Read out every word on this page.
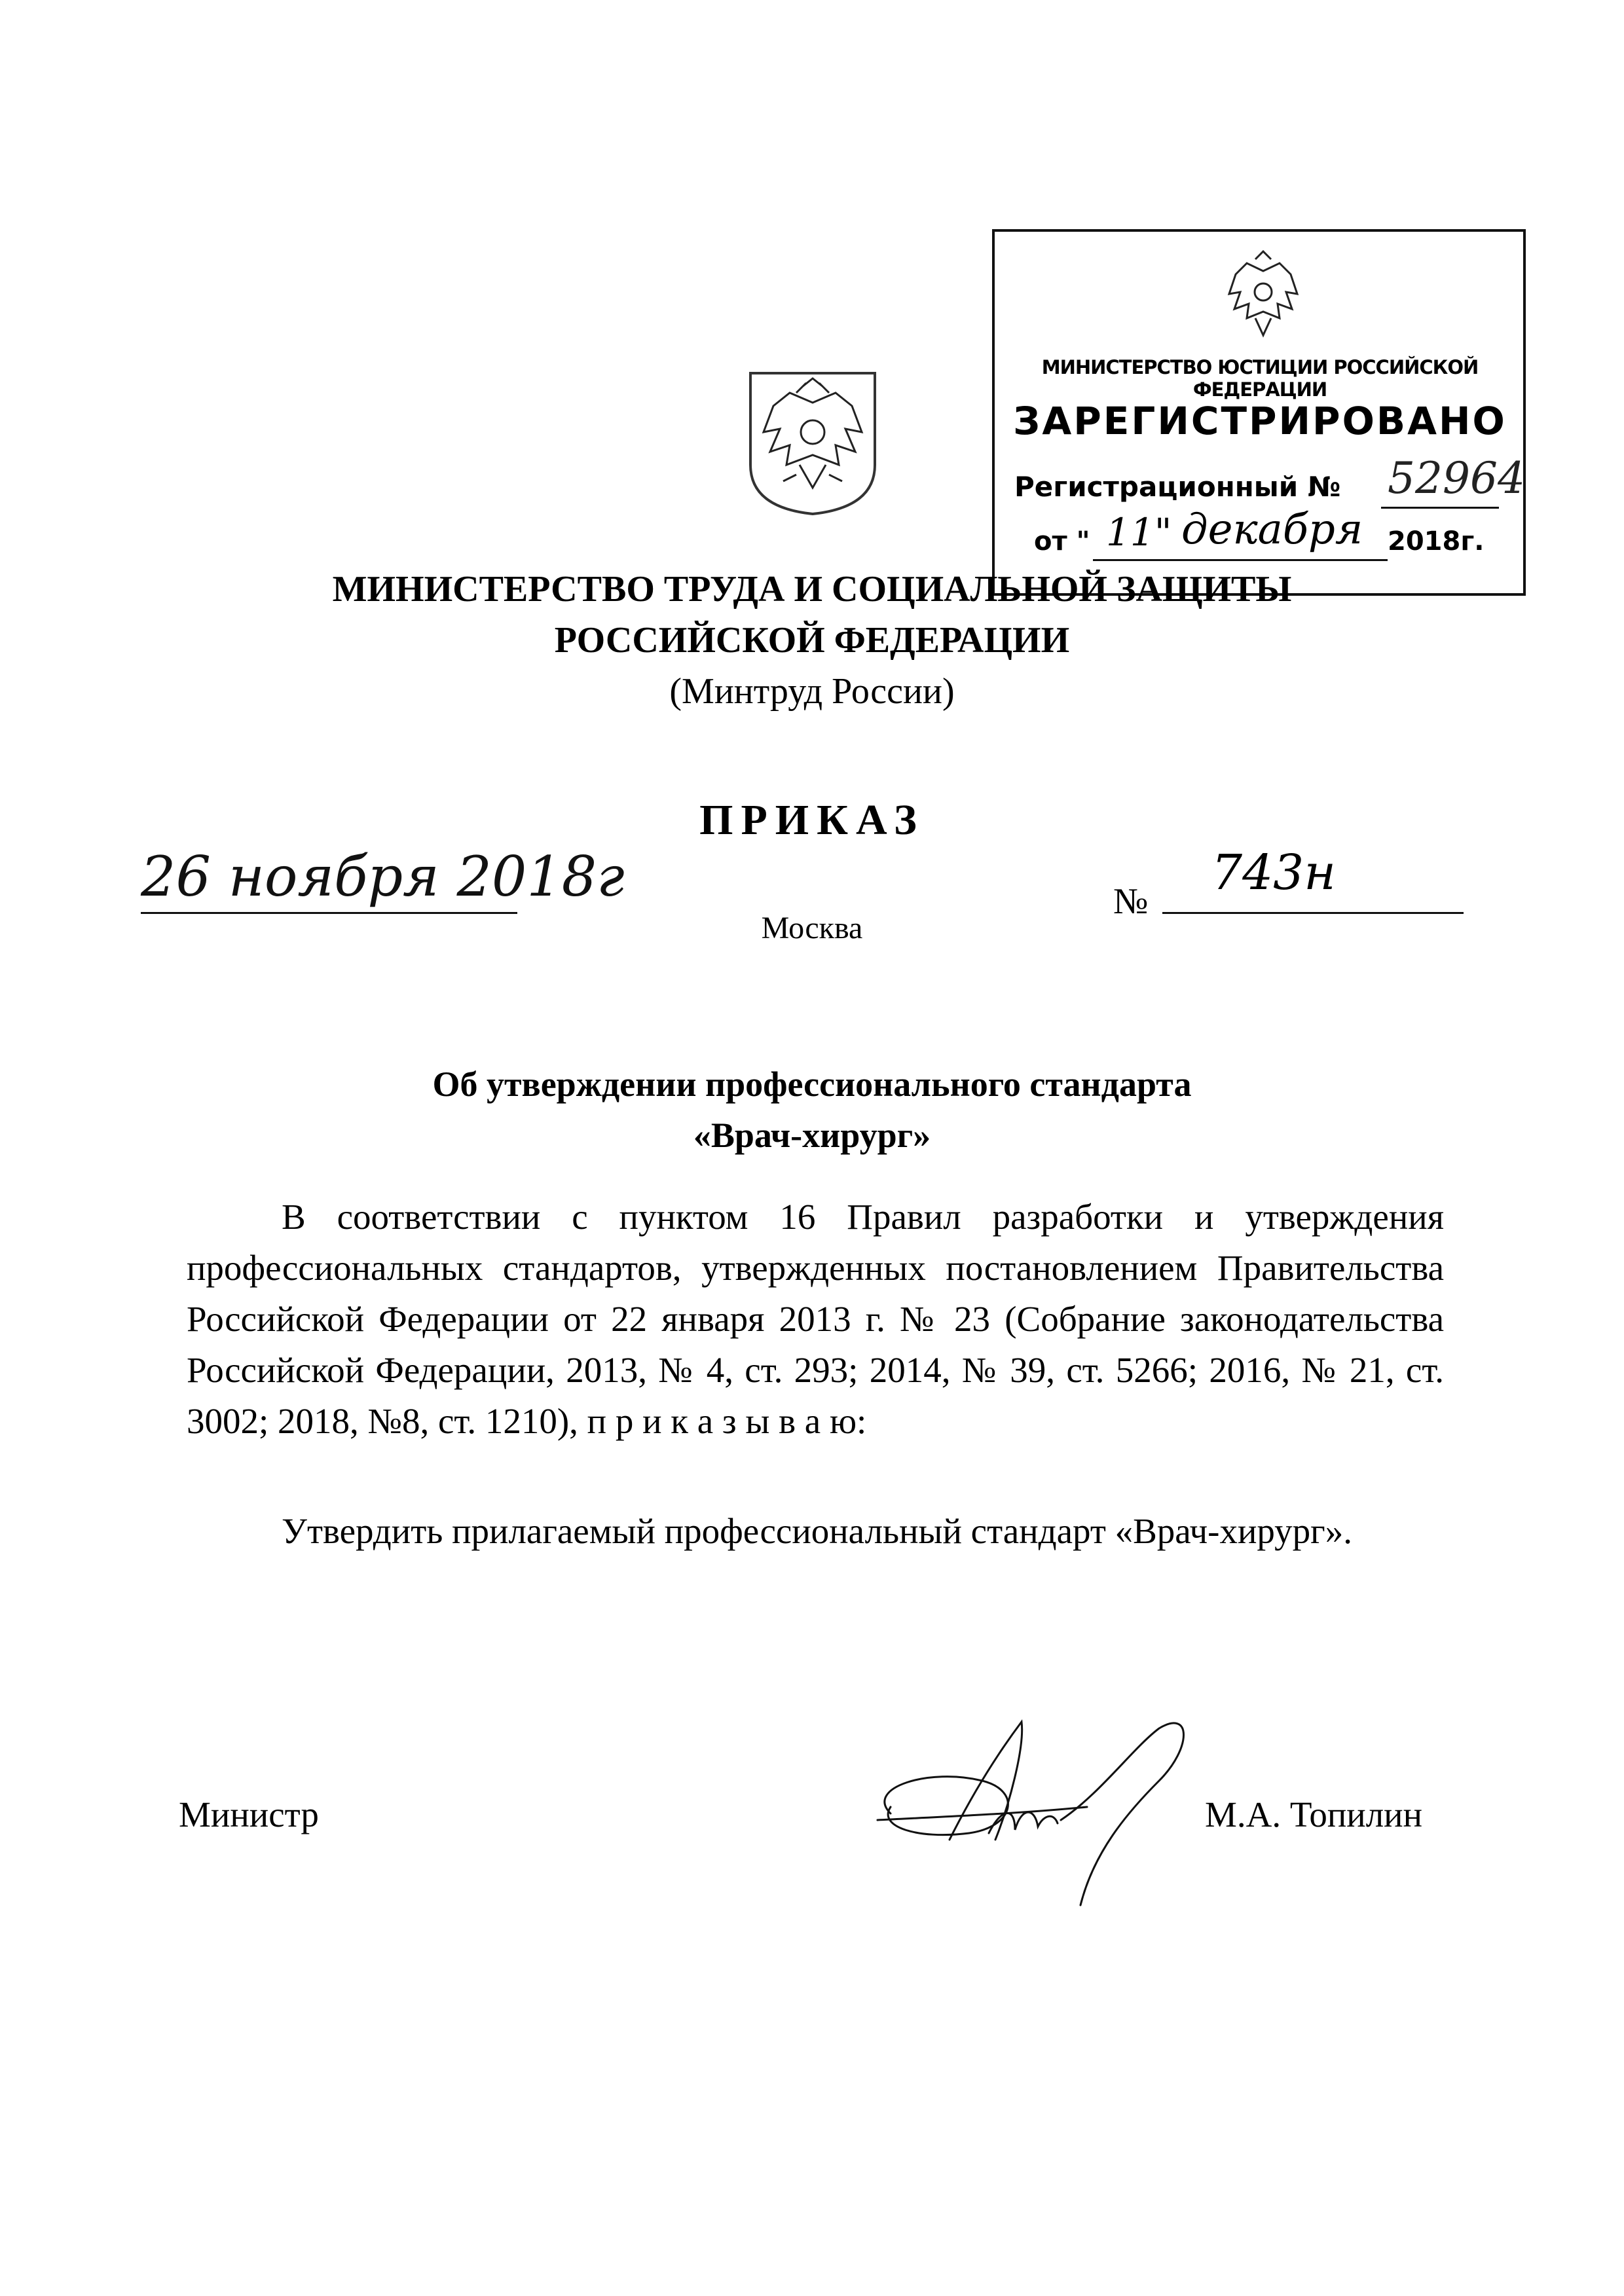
МИНИСТЕРСТВО ЮСТИЦИИ РОССИЙСКОЙ ФЕДЕРАЦИИ
ЗАРЕГИСТРИРОВАНО
Регистрационный № 52964
от " 11" декабря 2018г.
МИНИСТЕРСТВО ТРУДА И СОЦИАЛЬНОЙ ЗАЩИТЫ
РОССИЙСКОЙ ФЕДЕРАЦИИ
(Минтруд России)
ПРИКАЗ
26 ноября 2018г	№
743н
Москва
Об утверждении профессионального стандарта
«Врач-хирург»
В соответствии с пунктом 16 Правил разработки и утверждения профессиональных стандартов, утвержденных постановлением Правительства Российской Федерации от 22 января 2013 г. № 23 (Собрание законодательства Российской Федерации, 2013, № 4, ст. 293; 2014, № 39, ст. 5266; 2016, № 21, ст. 3002; 2018, №8, ст. 1210), п р и к а з ы в а ю:
Утвердить прилагаемый профессиональный стандарт «Врач-хирург».
Министр	М.А. Топилин
